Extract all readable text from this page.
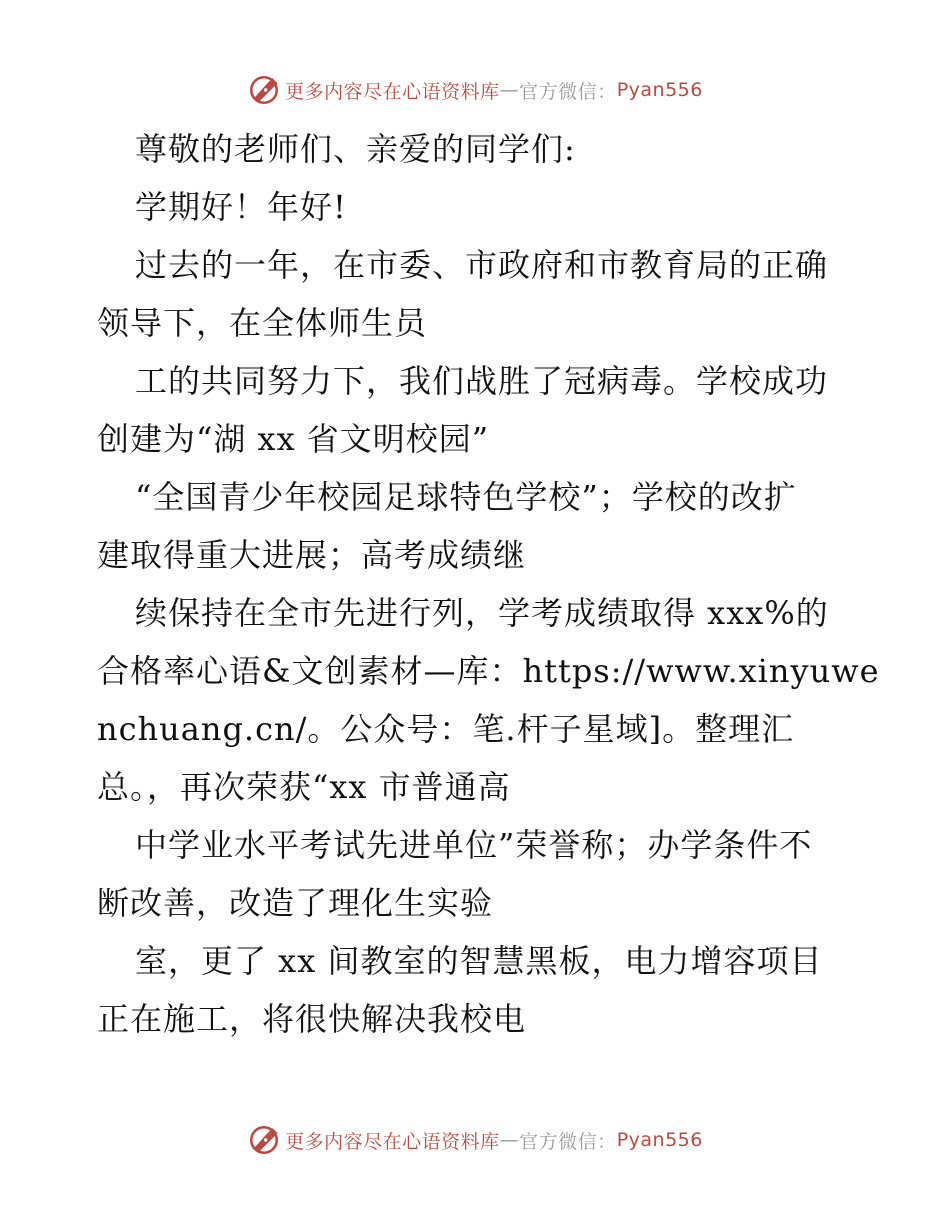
更多内容尽在心语资料库 — 官方微信： Pyan556
尊敬的老师们、亲爱的同学们:
学期好！年好!
过去的一年，在市委、市政府和市教育局的正确
领导下，在全体师生员
工的共同努力下，我们战胜了冠病毒。学校成功
创建为“湖 xx 省文明校园”
“全国青少年校园足球特色学校”；学校的改扩
建取得重大进展；高考成绩继
续保持在全市先进行列，学考成绩取得 xxx%的
合格率心语&文创素材—库：https://www.xinyuwe
nchuang.cn/。公众号：笔.杆子星域]。整理汇
总。，再次荣获“xx 市普通高
中学业水平考试先进单位”荣誉称；办学条件不
断改善，改造了理化生实验
室，更了 xx 间教室的智慧黑板，电力增容项目
正在施工，将很快解决我校电
更多内容尽在心语资料库 — 官方微信： Pyan556
